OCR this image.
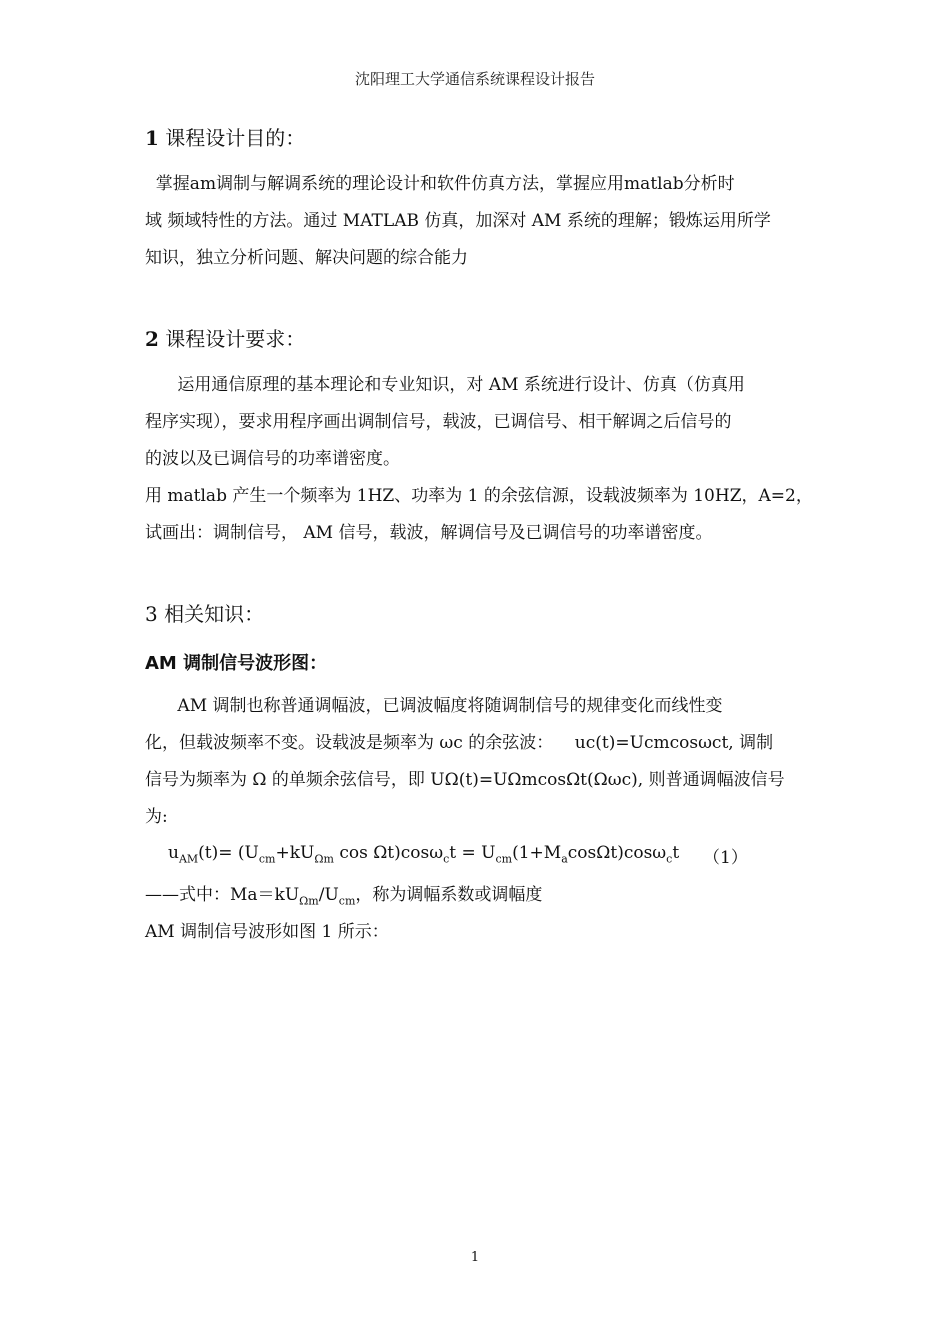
沈阳理工大学通信系统课程设计报告
1 课程设计目的：
掌握am调制与解调系统的理论设计和软件仿真方法，掌握应用matlab分析时
域 频域特性的方法。通过 MATLAB 仿真，加深对 AM 系统的理解；锻炼运用所学
知识，独立分析问题、解决问题的综合能力
2 课程设计要求：
运用通信原理的基本理论和专业知识，对 AM 系统进行设计、仿真（仿真用
程序实现），要求用程序画出调制信号，载波，已调信号、相干解调之后信号的
的波以及已调信号的功率谱密度。
用 matlab 产生一个频率为 1HZ、功率为 1 的余弦信源，设载波频率为 10HZ，A=2，
试画出：调制信号， AM 信号，载波，解调信号及已调信号的功率谱密度。
3 相关知识：
AM 调制信号波形图：
AM 调制也称普通调幅波，已调波幅度将随调制信号的规律变化而线性变
化，但载波频率不变。设载波是频率为 ωc 的余弦波：    uc(t)=Ucmcosωct, 调制
信号为频率为 Ω 的单频余弦信号，即 UΩ(t)=UΩmcosΩt(Ωωc), 则普通调幅波信号
为:
$u_{AM}(t)= (U_{cm}+kU_{\Omega m}$ $\cos \Omega t)\cos\omega_ct = U_{cm}(1+M_a\cos\Omega t)\cos\omega_ct$ （1）
——式中：$Ma=kU_{\Omega m}/U_{cm}$，称为调幅系数或调幅度
AM 调制信号波形如图 1 所示：
1
